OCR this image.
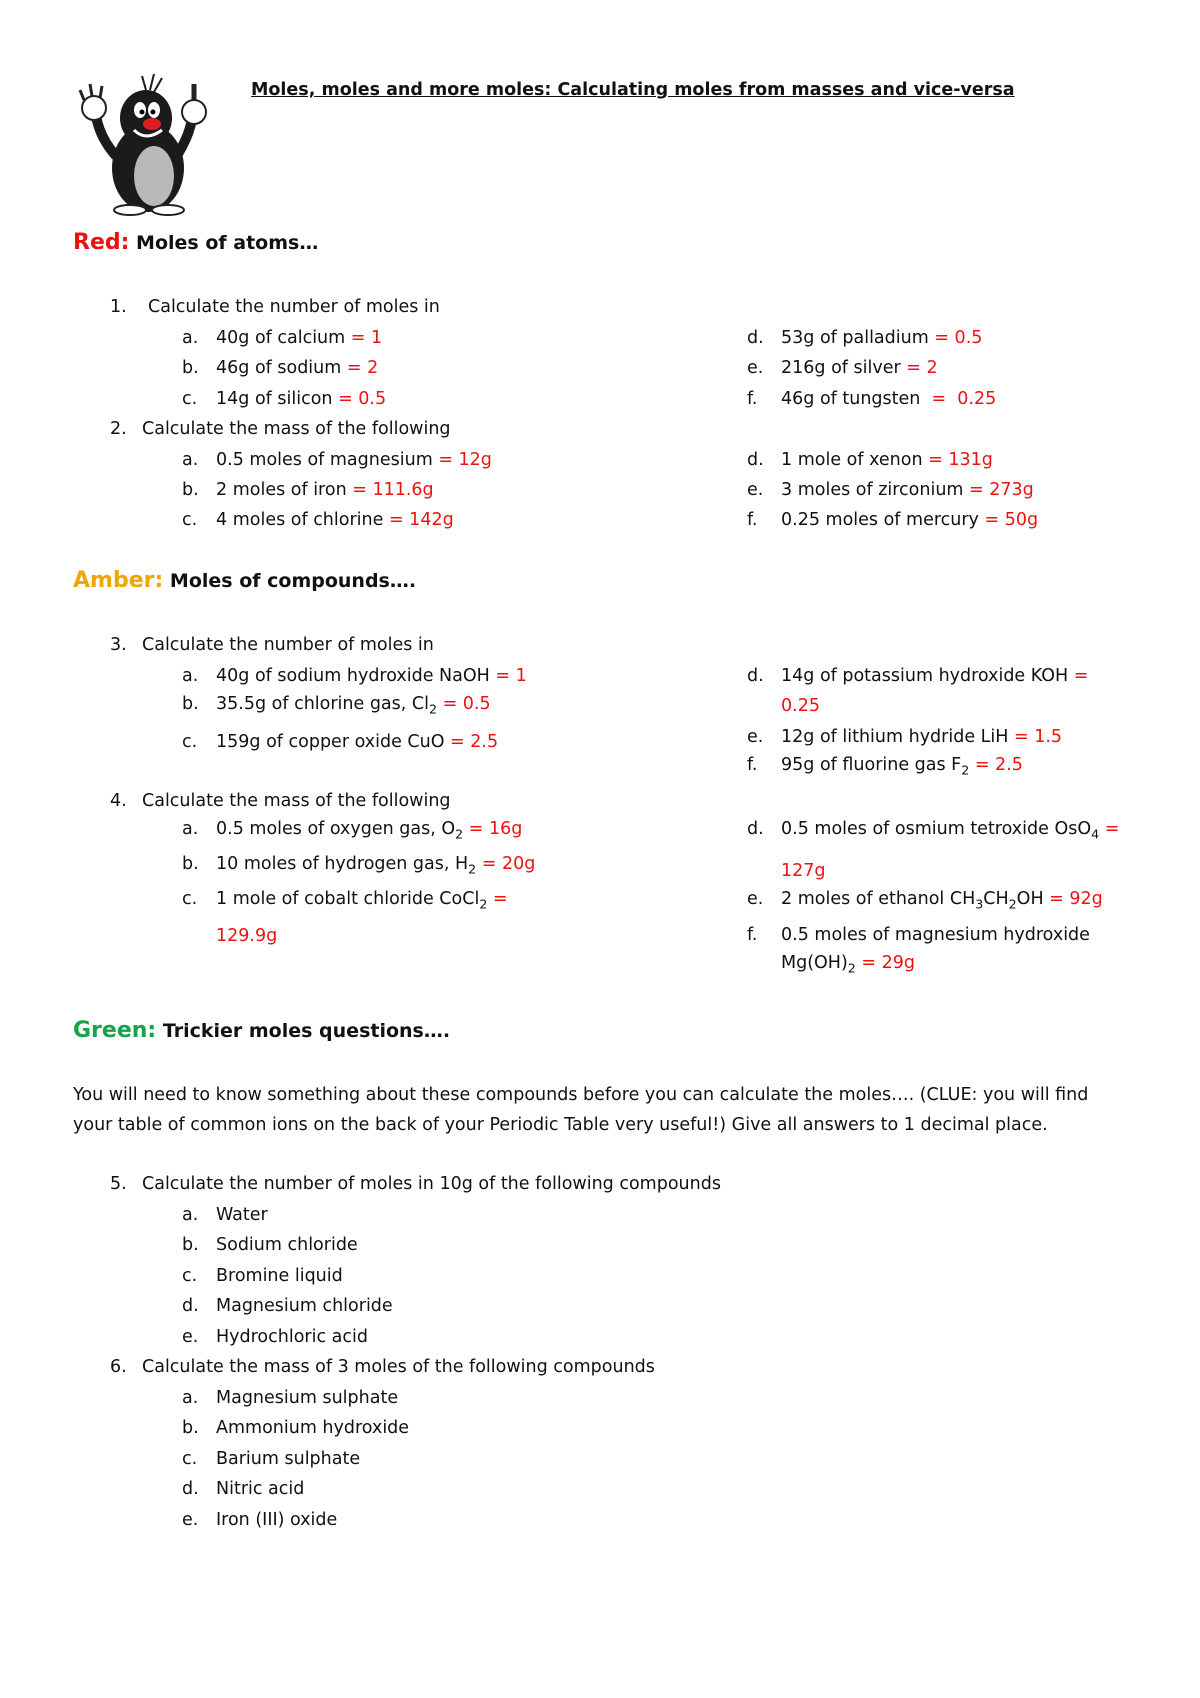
Moles, moles and more moles: Calculating moles from masses and vice-versa
Red: Moles of atoms…
1. Calculate the number of moles in
a. 40g of calcium = 1
b. 46g of sodium = 2
c. 14g of silicon = 0.5
d. 53g of palladium = 0.5
e. 216g of silver = 2
f. 46g of tungsten  =  0.25
2. Calculate the mass of the following
a. 0.5 moles of magnesium = 12g
b. 2 moles of iron = 111.6g
c. 4 moles of chlorine = 142g
d. 1 mole of xenon = 131g
e. 3 moles of zirconium = 273g
f. 0.25 moles of mercury = 50g
Amber: Moles of compounds….
3. Calculate the number of moles in
a. 40g of sodium hydroxide NaOH = 1
b. 35.5g of chlorine gas, $Cl_2 = 0.5$
c. 159g of copper oxide CuO = 2.5
d. 14g of potassium hydroxide KOH =
0.25
e. 12g of lithium hydride LiH = 1.5
f. 95g of fluorine gas $F_2 = 2.5$
4. Calculate the mass of the following
a. 0.5 moles of oxygen gas, $O_2 = 16g$
b. 10 moles of hydrogen gas, $H_2 = 20g$
c. 1 mole of cobalt chloride CoCl$_2$ =
129.9g
d. 0.5 moles of osmium tetroxide OsO$_4$ =
127g
e. 2 moles of ethanol $CH_3CH_2OH = 92g$
f. 0.5 moles of magnesium hydroxide
$Mg(OH)_2 = 29g$
Green: Trickier moles questions….
You will need to know something about these compounds before you can calculate the moles…. (CLUE: you will find your table of common ions on the back of your Periodic Table very useful!) Give all answers to 1 decimal place.
5. Calculate the number of moles in 10g of the following compounds
a. Water
b. Sodium chloride
c. Bromine liquid
d. Magnesium chloride
e. Hydrochloric acid
6. Calculate the mass of 3 moles of the following compounds
a. Magnesium sulphate
b. Ammonium hydroxide
c. Barium sulphate
d. Nitric acid
e. Iron (III) oxide
